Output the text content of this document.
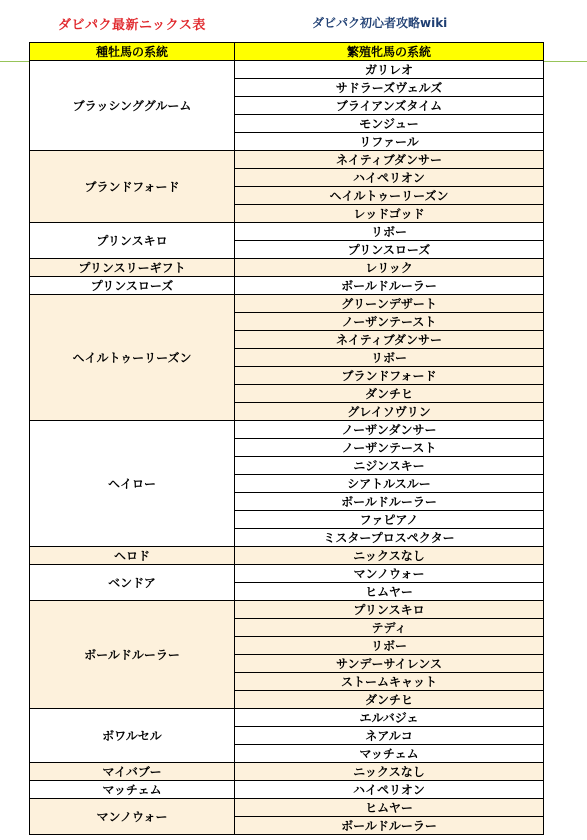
ダビパク最新ニックス表	ダビパク初心者攻略wiki
種牡馬の系統	繁殖牝馬の系統
ブラッシンググルーム	ガリレオ
	サドラーズヴェルズ
	ブライアンズタイム
	モンジュー
	リファール
ブランドフォード	ネイティブダンサー
	ハイペリオン
	ヘイルトゥーリーズン
	レッドゴッド
プリンスキロ	リボー
	プリンスローズ
プリンスリーギフト	レリック
プリンスローズ	ボールドルーラー
ヘイルトゥーリーズン	グリーンデザート
	ノーザンテースト
	ネイティブダンサー
	リボー
	ブランドフォード
	ダンチヒ
	グレイソヴリン
ヘイロー	ノーザンダンサー
	ノーザンテースト
	ニジンスキー
	シアトルスルー
	ボールドルーラー
	ファピアノ
	ミスタープロスペクター
ヘロド	ニックスなし
ベンドア	マンノウォー
	ヒムヤー
ボールドルーラー	プリンスキロ
	テディ
	リボー
	サンデーサイレンス
	ストームキャット
	ダンチヒ
ボワルセル	エルバジェ
	ネアルコ
	マッチェム
マイバブー	ニックスなし
マッチェム	ハイペリオン
マンノウォー	ヒムヤー
	ボールドルーラー
